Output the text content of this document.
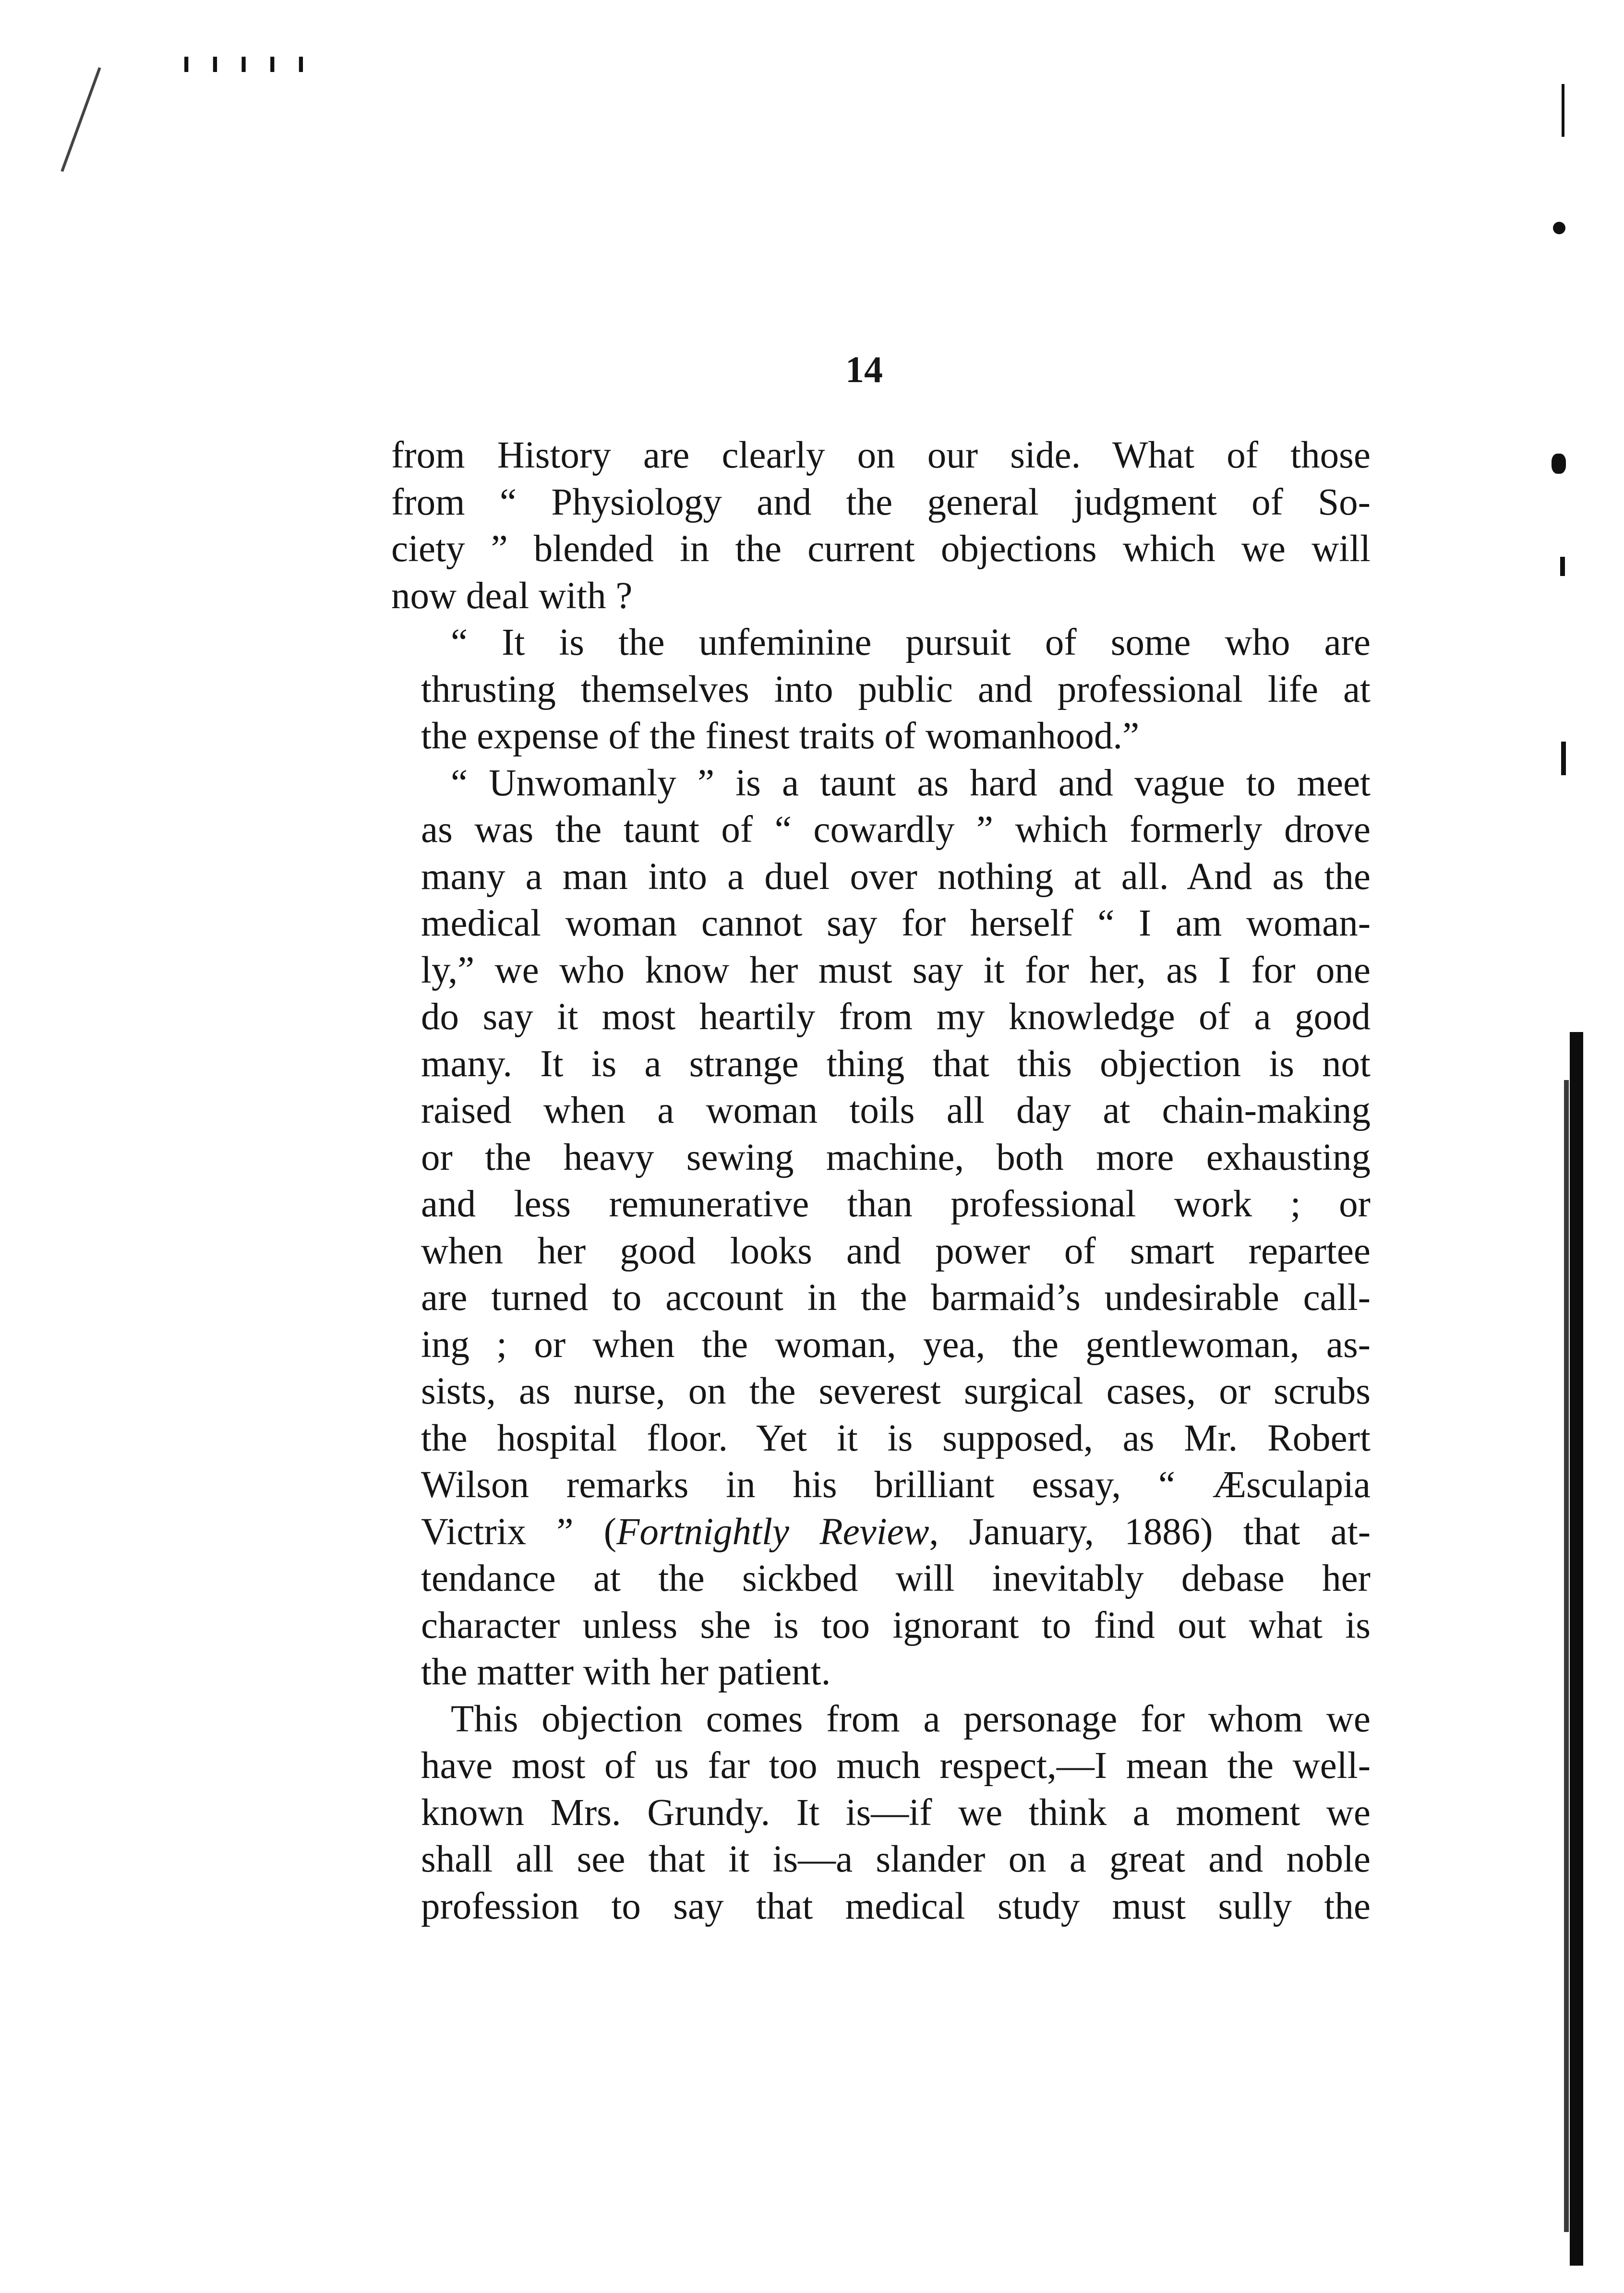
I I I I I
14

from History are clearly on our side. What of those
from “ Physiology and the general judgment of So-
ciety ” blended in the current objections which we will
now deal with ?

“ It is the unfeminine pursuit of some who are
thrusting themselves into public and professional life at
the expense of the finest traits of womanhood.”

“ Unwomanly ” is a taunt as hard and vague to meet
as was the taunt of “ cowardly ” which formerly drove
many a man into a duel over nothing at all. And as the
medical woman cannot say for herself “ I am woman-
ly,” we who know her must say it for her, as I for one
do say it most heartily from my knowledge of a good
many. It is a strange thing that this objection is not
raised when a woman toils all day at chain-making
or the heavy sewing machine, both more exhausting
and less remunerative than professional work ; or
when her good looks and power of smart repartee
are turned to account in the barmaid’s undesirable call-
ing ; or when the woman, yea, the gentlewoman, as-
sists, as nurse, on the severest surgical cases, or scrubs
the hospital floor. Yet it is supposed, as Mr. Robert
Wilson remarks in his brilliant essay, “ Æsculapia
Victrix ” (Fortnightly Review, January, 1886) that at-
tendance at the sickbed will inevitably debase her
character unless she is too ignorant to find out what is
the matter with her patient.

This objection comes from a personage for whom we
have most of us far too much respect,—I mean the well-
known Mrs. Grundy. It is—if we think a moment we
shall all see that it is—a slander on a great and noble
profession to say that medical study must sully the
